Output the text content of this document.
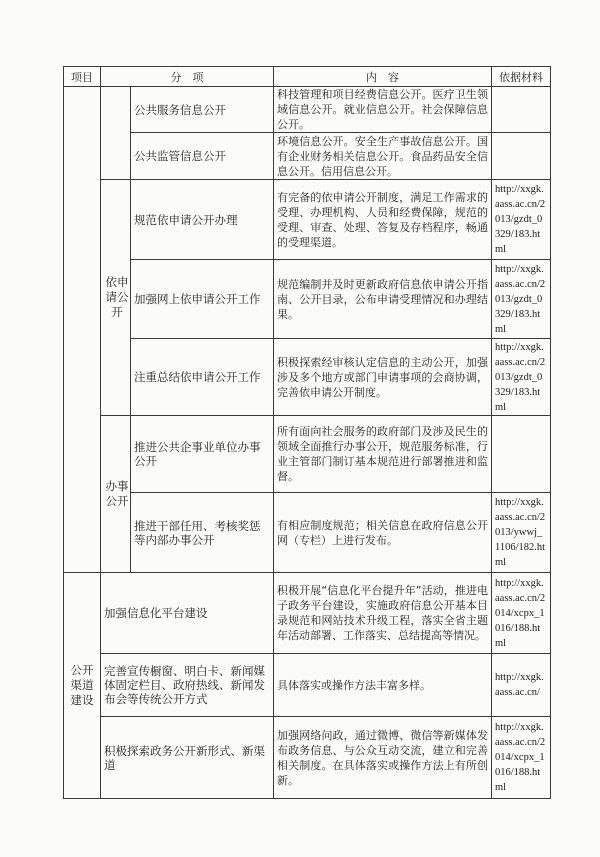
项目	分　项		内　容	依据材料
		公共服务信息公开	科技管理和项目经费信息公开。医疗卫生领域信息公开。就业信息公开。社会保障信息公开。	
		公共监管信息公开	环境信息公开。安全生产事故信息公开。国有企业财务相关信息公开。食品药品安全信息公开。信用信息公开。	
	依申请公开	规范依申请公开办理	有完备的依申请公开制度，满足工作需求的受理、办理机构、人员和经费保障，规范的受理、审查、处理、答复及存档程序，畅通的受理渠道。	http://xxgk.aass.ac.cn/2013/gzdt_0329/183.html
		加强网上依申请公开工作	规范编制并及时更新政府信息依申请公开指南、公开目录，公布申请受理情况和办理结果。	http://xxgk.aass.ac.cn/2013/gzdt_0329/183.html
		注重总结依申请公开工作	积极探索经审核认定信息的主动公开，加强涉及多个地方或部门申请事项的会商协调，完善依申请公开制度。	http://xxgk.aass.ac.cn/2013/gzdt_0329/183.html
	办事公开	推进公共企事业单位办事公开	所有面向社会服务的政府部门及涉及民生的领域全面推行办事公开，规范服务标准，行业主管部门制订基本规范进行部署推进和监督。	
		推进干部任用、考核奖惩等内部办事公开	有相应制度规范；相关信息在政府信息公开网（专栏）上进行发布。	http://xxgk.aass.ac.cn/2013/ywwj_1106/182.html
公开渠道建设	加强信息化平台建设		积极开展“信息化平台提升年”活动，推进电子政务平台建设，实施政府信息公开基本目录规范和网站技术升级工程，落实全省主题年活动部署、工作落实、总结提高等情况。	http://xxgk.aass.ac.cn/2014/xcpx_1016/188.html
	完善宣传橱窗、明白卡、新闻媒体固定栏目、政府热线、新闻发布会等传统公开方式		具体落实或操作方法丰富多样。	http://xxgk.aass.ac.cn/
	积极探索政务公开新形式、新渠道		加强网络问政，通过微博、微信等新媒体发布政务信息、与公众互动交流，建立和完善相关制度。在具体落实或操作方法上有所创新。	http://xxgk.aass.ac.cn/2014/xcpx_1016/188.html
